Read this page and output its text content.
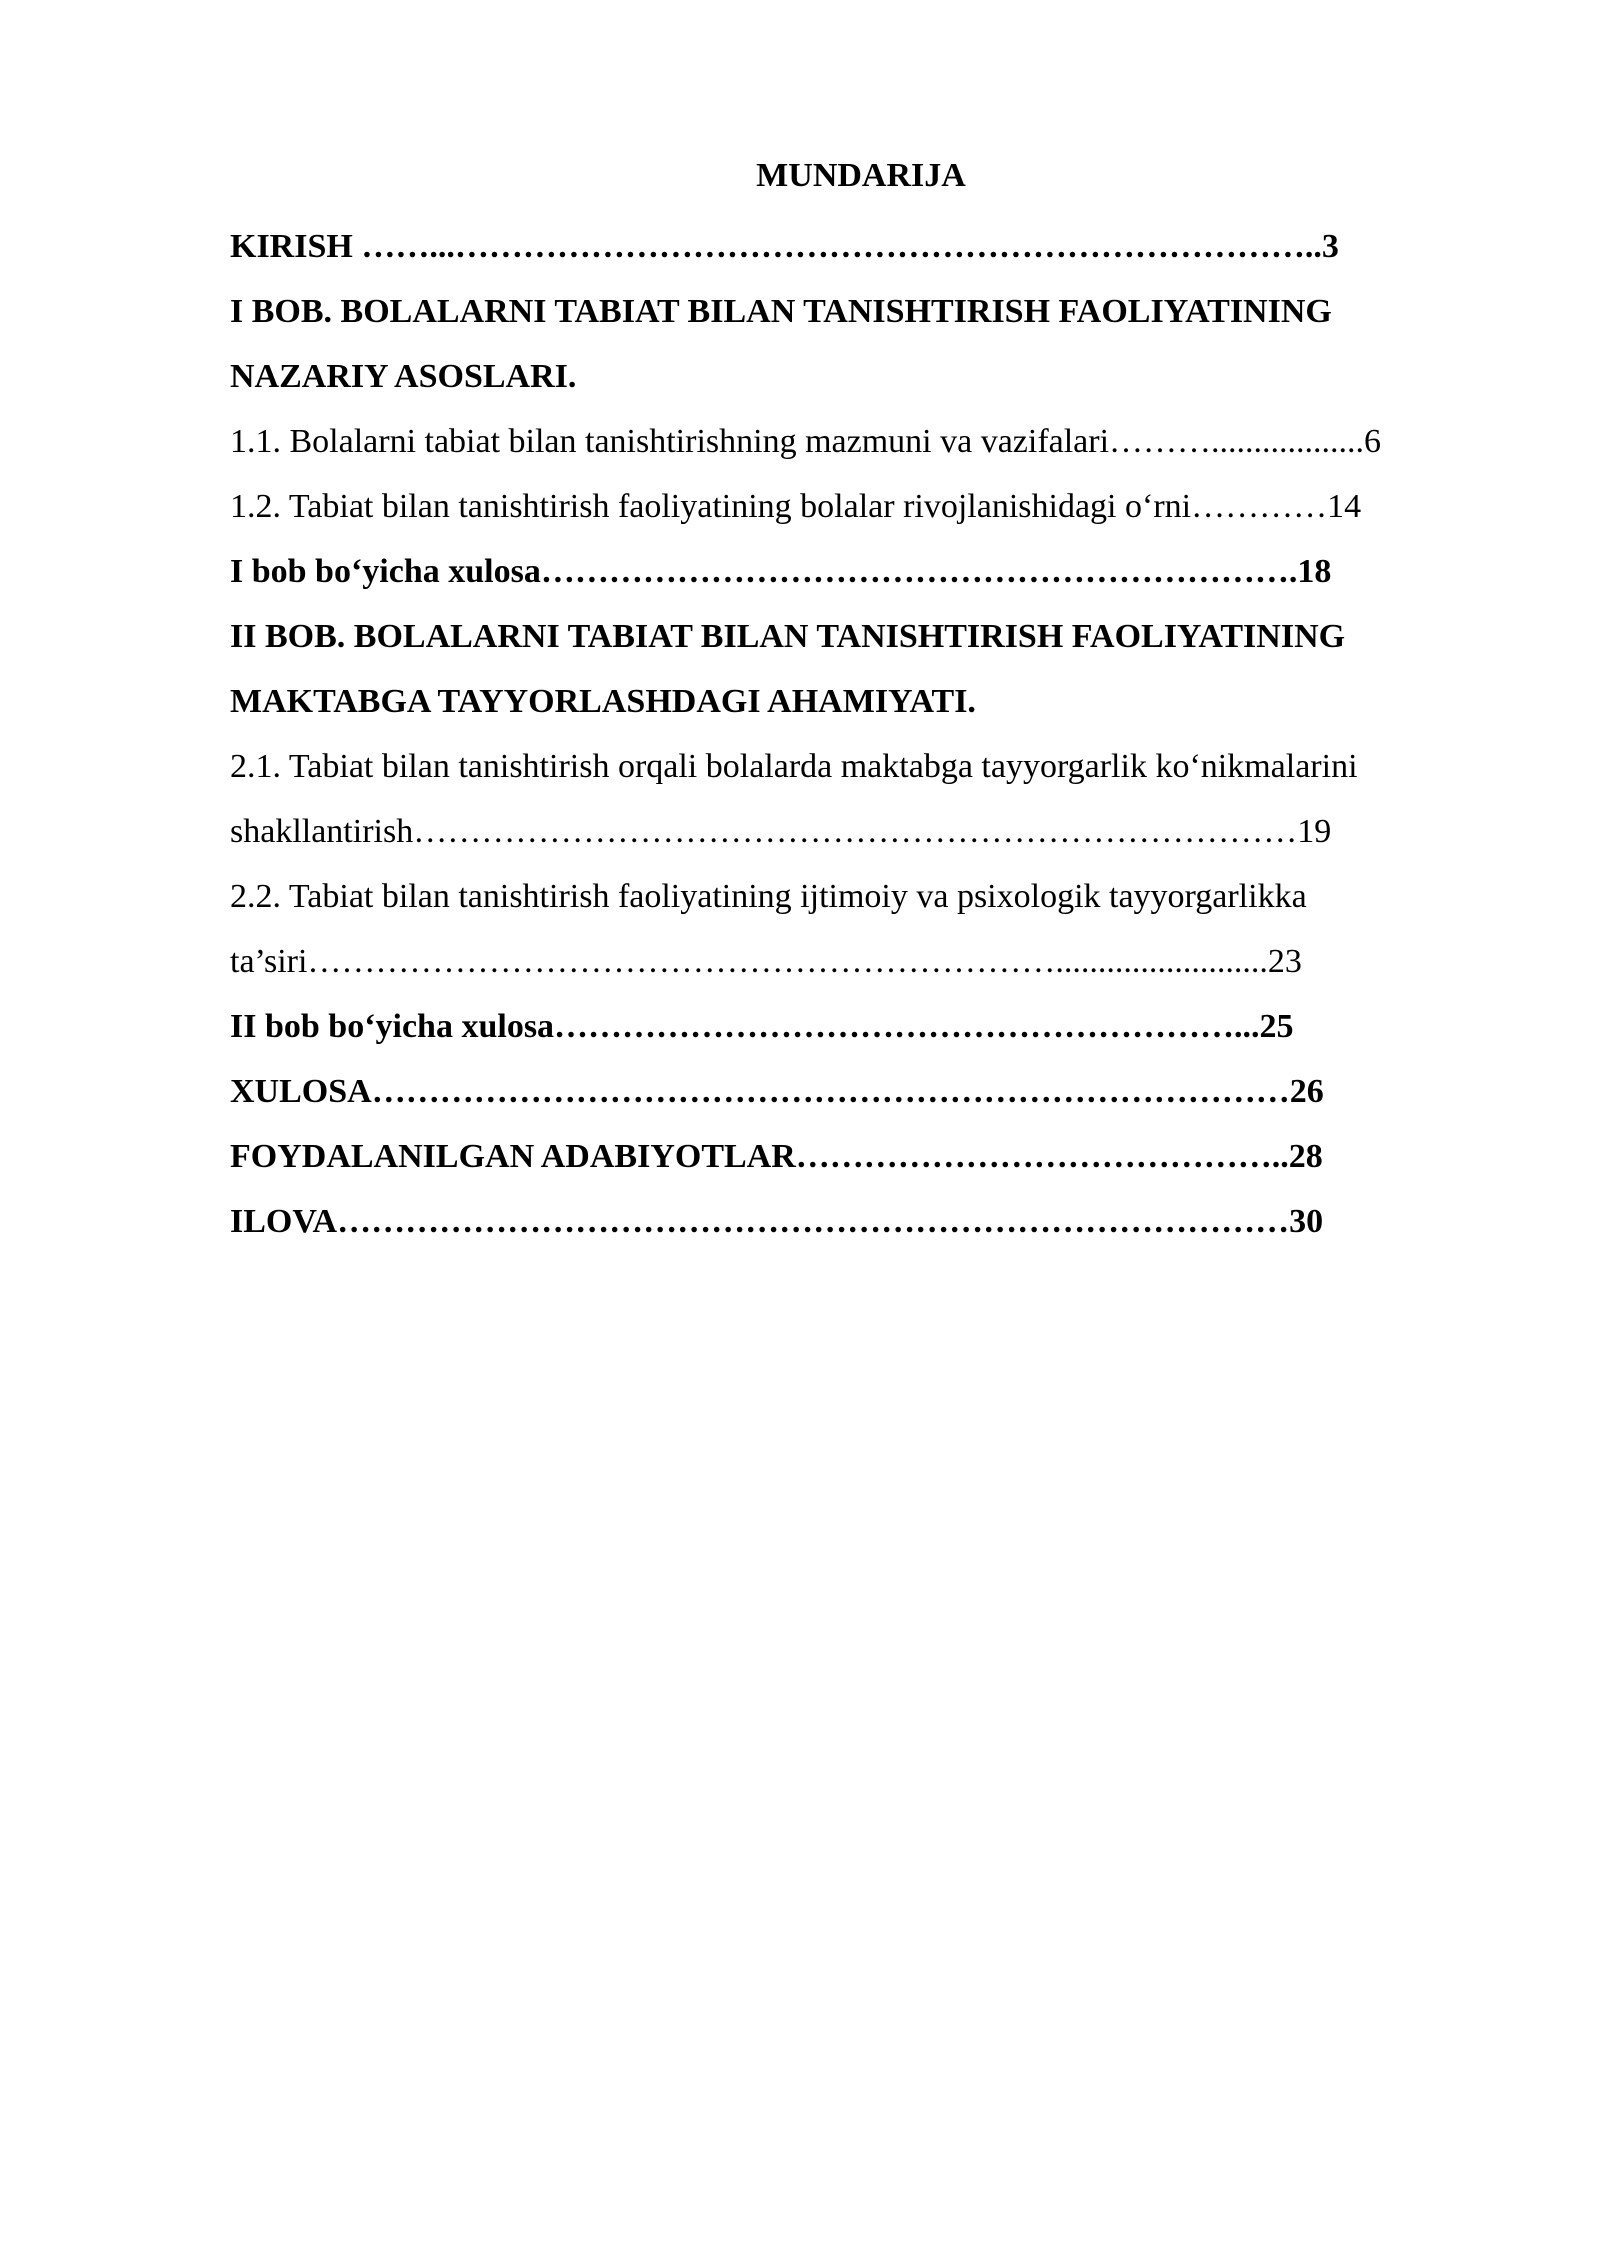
MUNDARIJA
KIRISH ……...…………………………………………………………………..3
I BOB. BOLALARNI TABIAT BILAN TANISHTIRISH FAOLIYATINING
NAZARIY ASOSLARI.
1.1. Bolalarni tabiat bilan tanishtirishning mazmuni va vazifalari………..................6
1.2. Tabiat bilan tanishtirish faoliyatining bolalar rivojlanishidagi o‘rni…………14
I bob bo‘yicha xulosa………………………………………………………….18
II BOB. BOLALARNI TABIAT BILAN TANISHTIRISH FAOLIYATINING
MAKTABGA TAYYORLASHDAGI AHAMIYATI.
2.1. Tabiat bilan tanishtirish orqali bolalarda maktabga tayyorgarlik ko‘nikmalarini
shakllantirish……………………………………………………………………19
2.2. Tabiat bilan tanishtirish faoliyatining ijtimoiy va psixologik tayyorgarlikka
ta’siri………………………………………………………….........................23
II bob bo‘yicha xulosa……………………………………………………...25
XULOSA………………………………………………………………………26
FOYDALANILGAN ADABIYOTLAR……………………………………..28
ILOVA…………………………………………………………………………30
